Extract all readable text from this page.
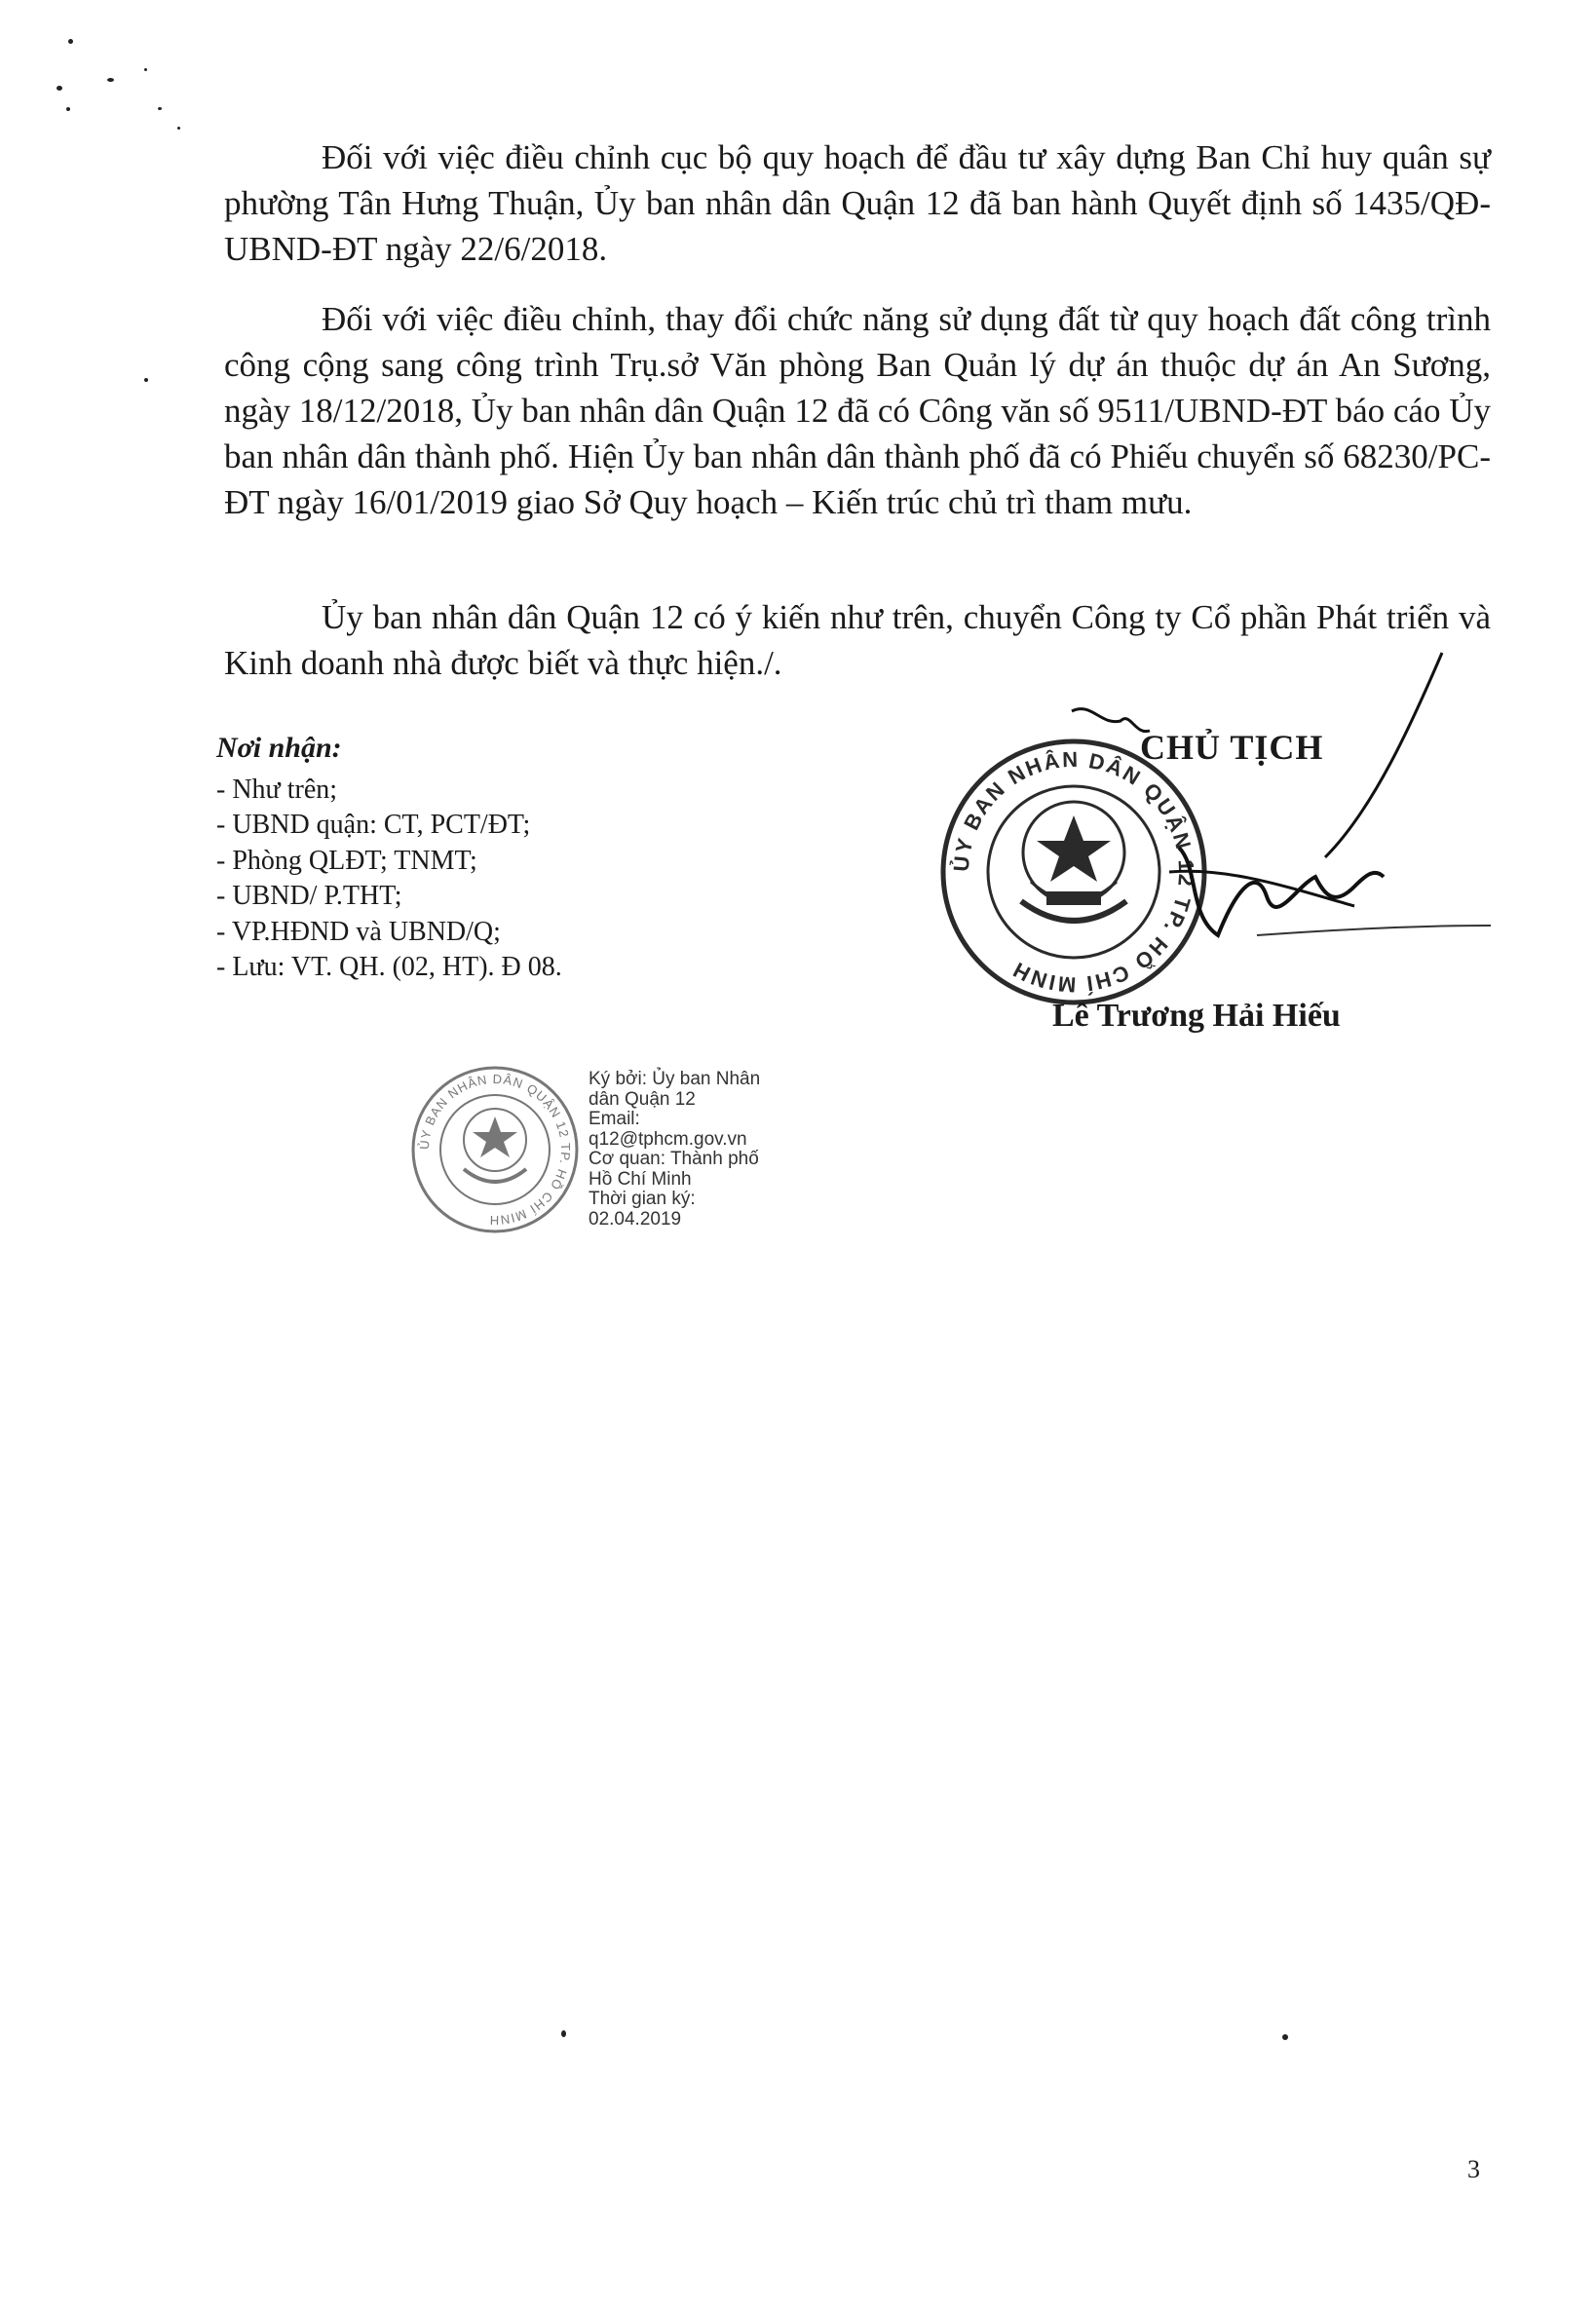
Đối với việc điều chỉnh cục bộ quy hoạch để đầu tư xây dựng Ban Chỉ huy quân sự phường Tân Hưng Thuận, Ủy ban nhân dân Quận 12 đã ban hành Quyết định số 1435/QĐ-UBND-ĐT ngày 22/6/2018.

Đối với việc điều chỉnh, thay đổi chức năng sử dụng đất từ quy hoạch đất công trình công cộng sang công trình Trụ.sở Văn phòng Ban Quản lý dự án thuộc dự án An Sương, ngày 18/12/2018, Ủy ban nhân dân Quận 12 đã có Công văn số 9511/UBND-ĐT báo cáo Ủy ban nhân dân thành phố. Hiện Ủy ban nhân dân thành phố đã có Phiếu chuyển số 68230/PC-ĐT ngày 16/01/2019 giao Sở Quy hoạch – Kiến trúc chủ trì tham mưu.

Ủy ban nhân dân Quận 12 có ý kiến như trên, chuyển Công ty Cổ phần Phát triển và Kinh doanh nhà được biết và thực hiện./.

Nơi nhận:
- Như trên;
- UBND quận: CT, PCT/ĐT;
- Phòng QLĐT; TNMT;
- UBND/ P.THT;
- VP.HĐND và UBND/Q;
- Lưu: VT. QH. (02, HT). Đ 08.
ỦY BAN NHÂN DÂN QUẬN 12 TP. HỒ CHÍ MINH
CHỦ TỊCH
Lê Trương Hải Hiếu
ỦY BAN NHÂN DÂN QUẬN 12 TP. HỒ CHÍ MINH
Ký bởi: Ủy ban Nhân
dân Quận 12
Email:
q12@tphcm.gov.vn
Cơ quan: Thành phố
Hồ Chí Minh
Thời gian ký:
02.04.2019
3
